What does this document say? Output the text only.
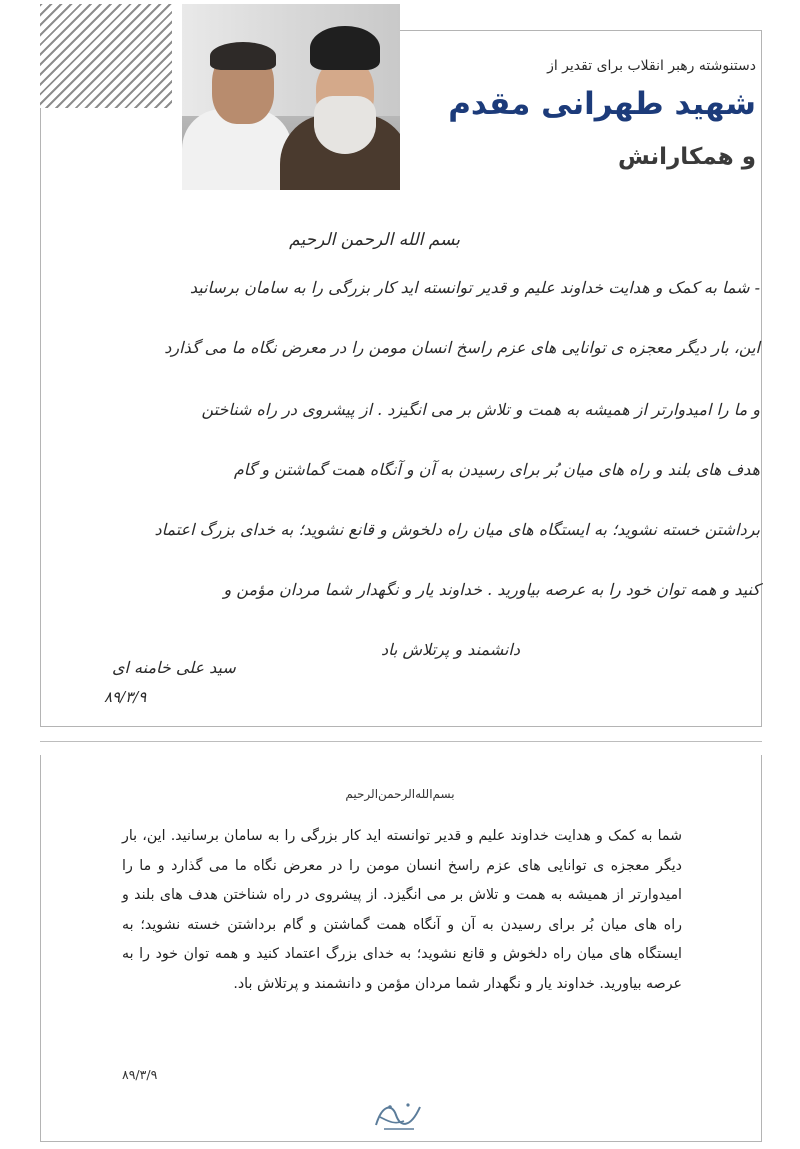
دستنوشته رهبر انقلاب برای تقدیر از
شهید طهرانی مقدم
و همکارانش
بسم الله الرحمن الرحیم
- شما به کمک و هدایت خداوند علیم و قدیر توانسته اید کار بزرگی را به سامان برسانید
این، بار دیگر معجزه ی توانایی های عزم راسخ انسان مومن را در معرض نگاه ما می گذارد
و ما را امیدوارتر از همیشه به همت و تلاش بر می انگیزد . از پیشروی در راه شناختن
هدف های بلند و راه های میان بُر برای رسیدن به آن و آنگاه همت گماشتن و گام
برداشتن خسته نشوید؛ به ایستگاه های میان راه دلخوش و قانع نشوید؛ به خدای بزرگ اعتماد
کنید و همه توان خود را به عرصه بیاورید . خداوند یار و نگهدار شما مردان مؤمن و
دانشمند و پرتلاش باد
سید علی خامنه ای
۸۹/۳/۹

بسم‌الله‌الرحمن‌الرحیم

شما به کمک و هدایت خداوند علیم و قدیر توانسته اید کار بزرگی را به سامان برسانید. این، بار دیگر معجزه ی توانایی های عزم راسخ انسان مومن را در معرض نگاه ما می گذارد و ما را امیدوارتر از همیشه به همت و تلاش بر می انگیزد. از پیشروی در راه شناختن هدف های بلند و راه های میان بُر برای رسیدن به آن و آنگاه همت گماشتن و گام برداشتن خسته نشوید؛ به ایستگاه های میان راه دلخوش و قانع نشوید؛ به خدای بزرگ اعتماد کنید و همه توان خود را به عرصه بیاورید. خداوند یار و نگهدار شما مردان مؤمن و دانشمند و پرتلاش باد.

۸۹/۳/۹
